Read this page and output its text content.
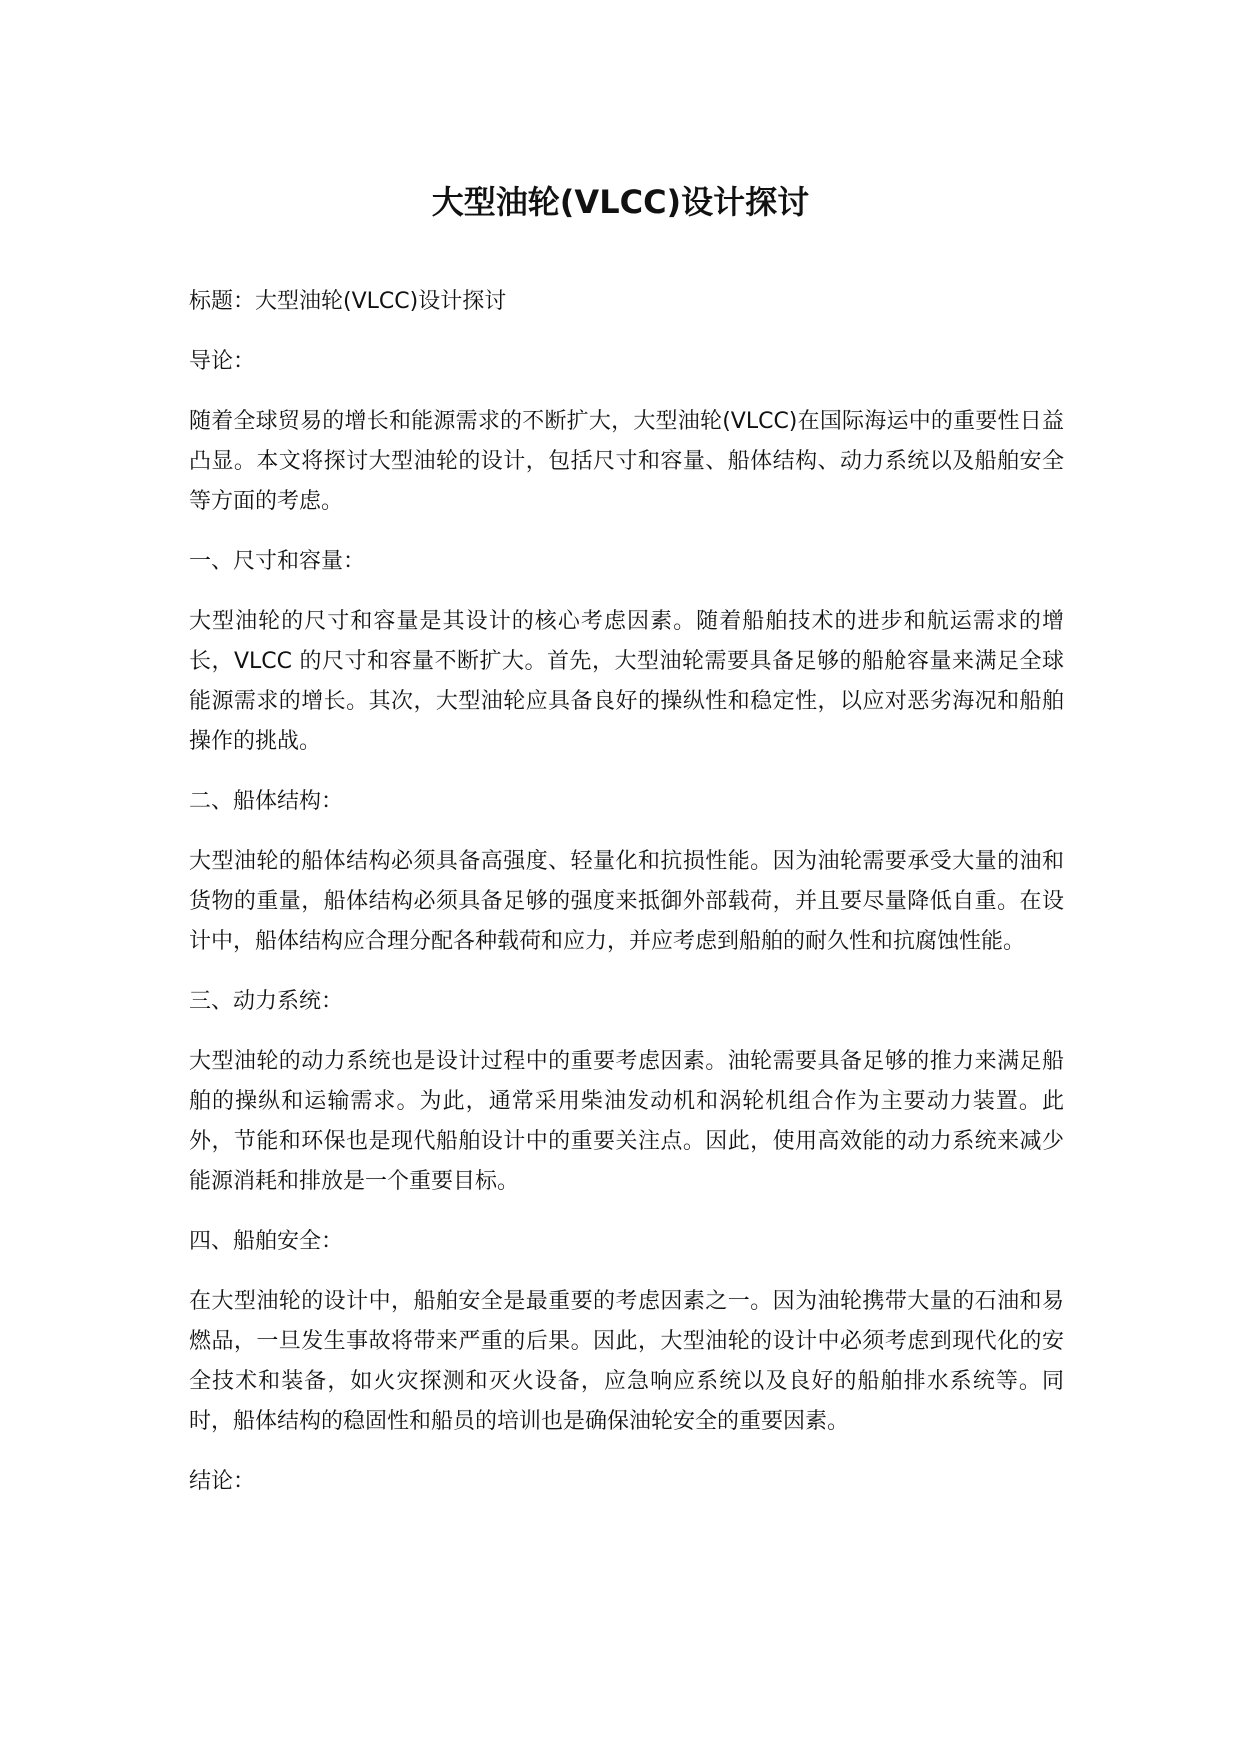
大型油轮(VLCC)设计探讨

标题：大型油轮(VLCC)设计探讨

导论：

随着全球贸易的增长和能源需求的不断扩大，大型油轮(VLCC)在国际海运中的重要性日益凸显。本文将探讨大型油轮的设计，包括尺寸和容量、船体结构、动力系统以及船舶安全等方面的考虑。

一、尺寸和容量：

大型油轮的尺寸和容量是其设计的核心考虑因素。随着船舶技术的进步和航运需求的增长，VLCC 的尺寸和容量不断扩大。首先，大型油轮需要具备足够的船舱容量来满足全球能源需求的增长。其次，大型油轮应具备良好的操纵性和稳定性，以应对恶劣海况和船舶操作的挑战。

二、船体结构：

大型油轮的船体结构必须具备高强度、轻量化和抗损性能。因为油轮需要承受大量的油和货物的重量，船体结构必须具备足够的强度来抵御外部载荷，并且要尽量降低自重。在设计中，船体结构应合理分配各种载荷和应力，并应考虑到船舶的耐久性和抗腐蚀性能。

三、动力系统：

大型油轮的动力系统也是设计过程中的重要考虑因素。油轮需要具备足够的推力来满足船舶的操纵和运输需求。为此，通常采用柴油发动机和涡轮机组合作为主要动力装置。此外，节能和环保也是现代船舶设计中的重要关注点。因此，使用高效能的动力系统来减少能源消耗和排放是一个重要目标。

四、船舶安全：

在大型油轮的设计中，船舶安全是最重要的考虑因素之一。因为油轮携带大量的石油和易燃品，一旦发生事故将带来严重的后果。因此，大型油轮的设计中必须考虑到现代化的安全技术和装备，如火灾探测和灭火设备，应急响应系统以及良好的船舶排水系统等。同时，船体结构的稳固性和船员的培训也是确保油轮安全的重要因素。

结论：
